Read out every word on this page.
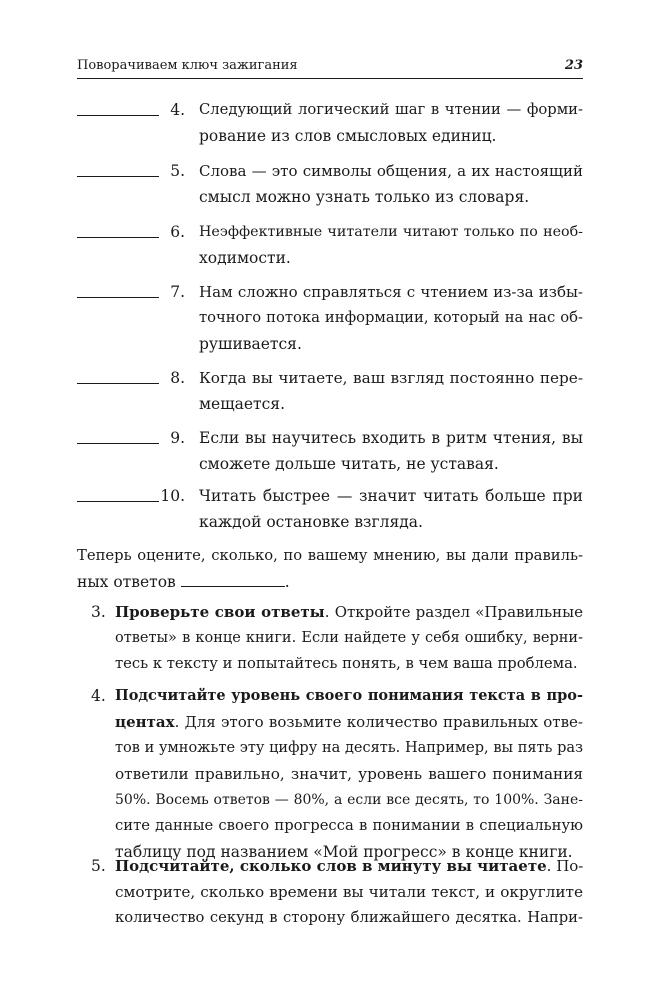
Поворачиваем ключ зажигания	23
4. Следующий логический шаг в чтении — форми-
рование из слов смысловых единиц.
5. Слова — это символы общения, а их настоящий
смысл можно узнать только из словаря.
6. Неэффективные читатели читают только по необ-
ходимости.
7. Нам сложно справляться с чтением из-за избы-
точного потока информации, который на нас об-
рушивается.
8. Когда вы читаете, ваш взгляд постоянно пере-
мещается.
9. Если вы научитесь входить в ритм чтения, вы
сможете дольше читать, не уставая.
10. Читать быстрее — значит читать больше при
каждой остановке взгляда.
Теперь оцените, сколько, по вашему мнению, вы дали правиль-
ных ответов	.
3. Проверьте свои ответы. Откройте раздел «Правильные
ответы» в конце книги. Если найдете у себя ошибку, верни-
тесь к тексту и попытайтесь понять, в чем ваша проблема.
4. Подсчитайте уровень своего понимания текста в про-
центах. Для этого возьмите количество правильных отве-
тов и умножьте эту цифру на десять. Например, вы пять раз
ответили правильно, значит, уровень вашего понимания
50%. Восемь ответов — 80%, а если все десять, то 100%. Зане-
сите данные своего прогресса в понимании в специальную
таблицу под названием «Мой прогресс» в конце книги.
5. Подсчитайте, сколько слов в минуту вы читаете. По-
смотрите, сколько времени вы читали текст, и округлите
количество секунд в сторону ближайшего десятка. Напри-
